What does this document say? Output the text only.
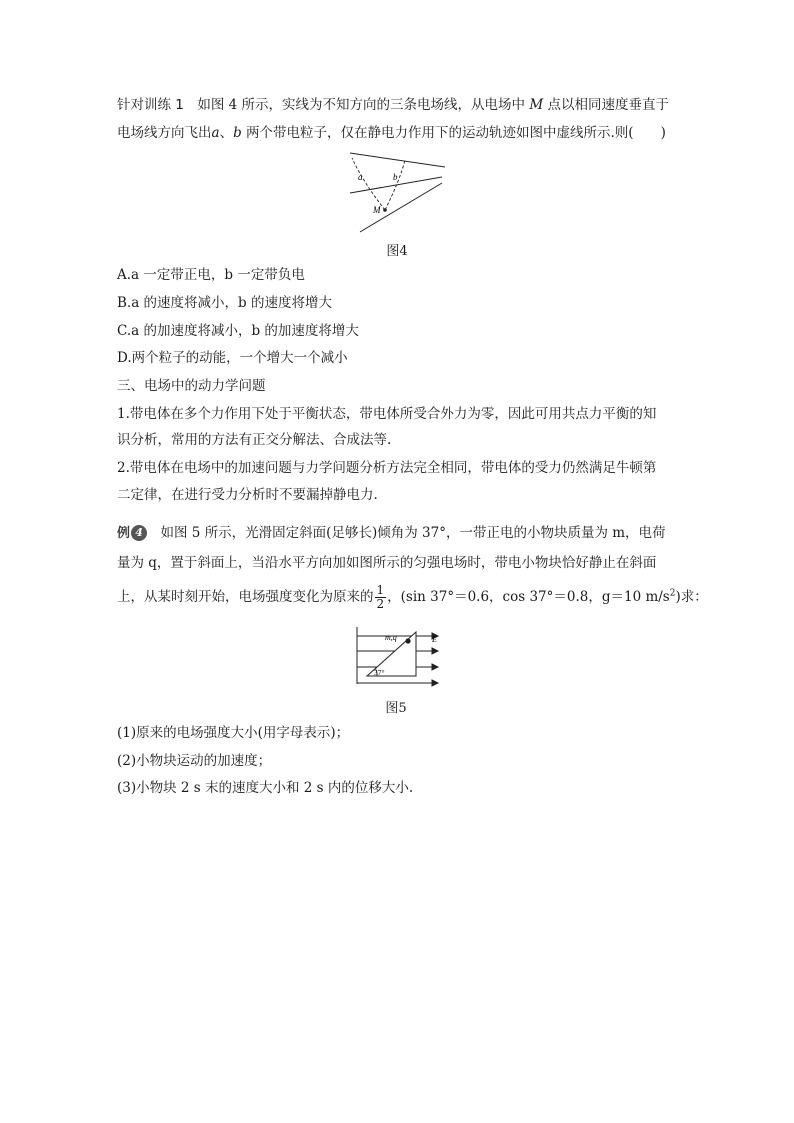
针对训练 1　 如图 4 所示，实线为不知方向的三条电场线，从电场中 M 点以相同速度垂直于
电场线方向飞出a、b 两个带电粒子，仅在静电力作用下的运动轨迹如图中虚线所示.则(　　)
a	b
M
图4
A.a 一定带正电，b 一定带负电
B.a 的速度将减小，b 的速度将增大
C.a 的加速度将减小，b 的加速度将增大
D.两个粒子的动能，一个增大一个减小
三、电场中的动力学问题
1.带电体在多个力作用下处于平衡状态，带电体所受合外力为零，因此可用共点力平衡的知
识分析，常用的方法有正交分解法、合成法等.
2.带电体在电场中的加速问题与力学问题分析方法完全相同，带电体的受力仍然满足牛顿第
二定律，在进行受力分析时不要漏掉静电力.
例 4　 如图 5 所示，光滑固定斜面(足够长)倾角为 37°，一带正电的小物块质量为 m，电荷
量为 q，置于斜面上，当沿水平方向加如图所示的匀强电场时，带电小物块恰好静止在斜面
上，从某时刻开始，电场强度变化为原来的 $\frac{1}{2}$ ，(sin 37°＝0.6，cos 37°＝0.8，g＝10 $m/s^2$)求：
m,q	E
37°
图5
(1)原来的电场强度大小(用字母表示)；
(2)小物块运动的加速度；
(3)小物块 2 s 末的速度大小和 2 s 内的位移大小.
